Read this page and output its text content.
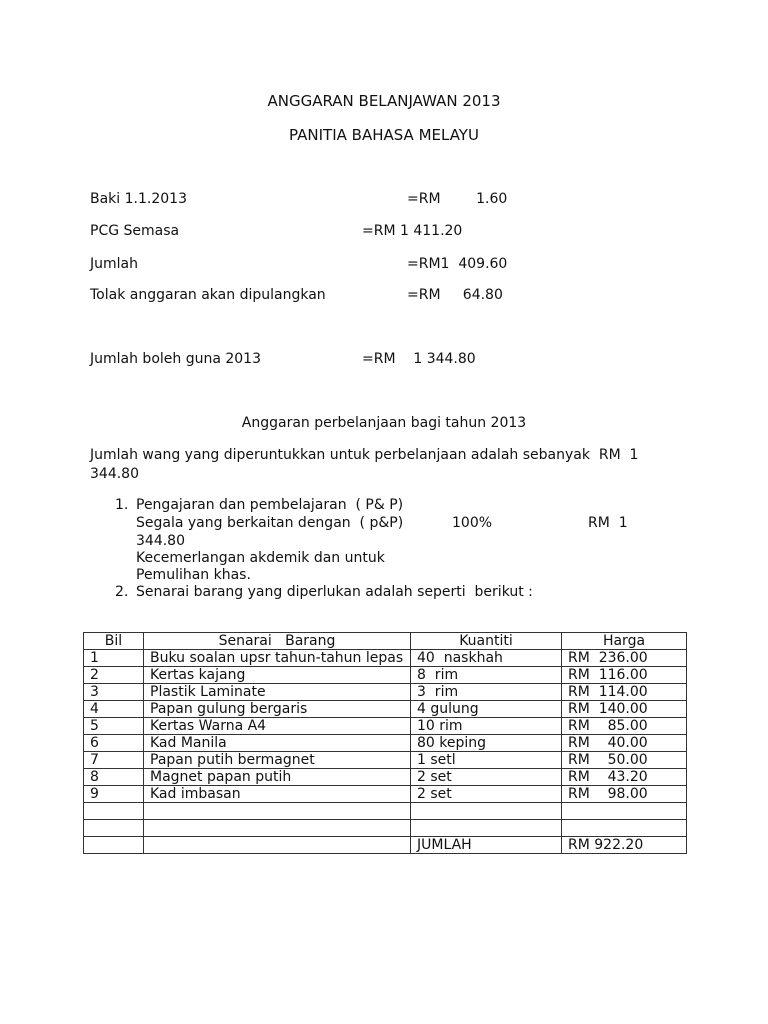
ANGGARAN BELANJAWAN 2013
PANITIA BAHASA MELAYU
Baki 1.1.2013	=RM        1.60
PCG Semasa	=RM 1 411.20
Jumlah	=RM1  409.60
Tolak anggaran akan dipulangkan	=RM     64.80
Jumlah boleh guna 2013	=RM    1 344.80
Anggaran perbelanjaan bagi tahun 2013
Jumlah wang yang diperuntukkan untuk perbelanjaan adalah sebanyak  RM  1
344.80
1. Pengajaran dan pembelajaran  ( P& P)
Segala yang berkaitan dengan  ( p&P)	100%	RM  1
344.80
Kecemerlangan akdemik dan untuk
Pemulihan khas.
2. Senarai barang yang diperlukan adalah seperti  berikut :
Bil	Senarai   Barang	Kuantiti	Harga
1	Buku soalan upsr tahun-tahun lepas	40  naskhah	RM  236.00
2	Kertas kajang	8  rim	RM  116.00
3	Plastik Laminate	3  rim	RM  114.00
4	Papan gulung bergaris	4 gulung	RM  140.00
5	Kertas Warna A4	10 rim	RM    85.00
6	Kad Manila	80 keping	RM    40.00
7	Papan putih bermagnet	1 setl	RM    50.00
8	Magnet papan putih	2 set	RM    43.20
9	Kad imbasan	2 set	RM    98.00

		JUMLAH	RM 922.20
